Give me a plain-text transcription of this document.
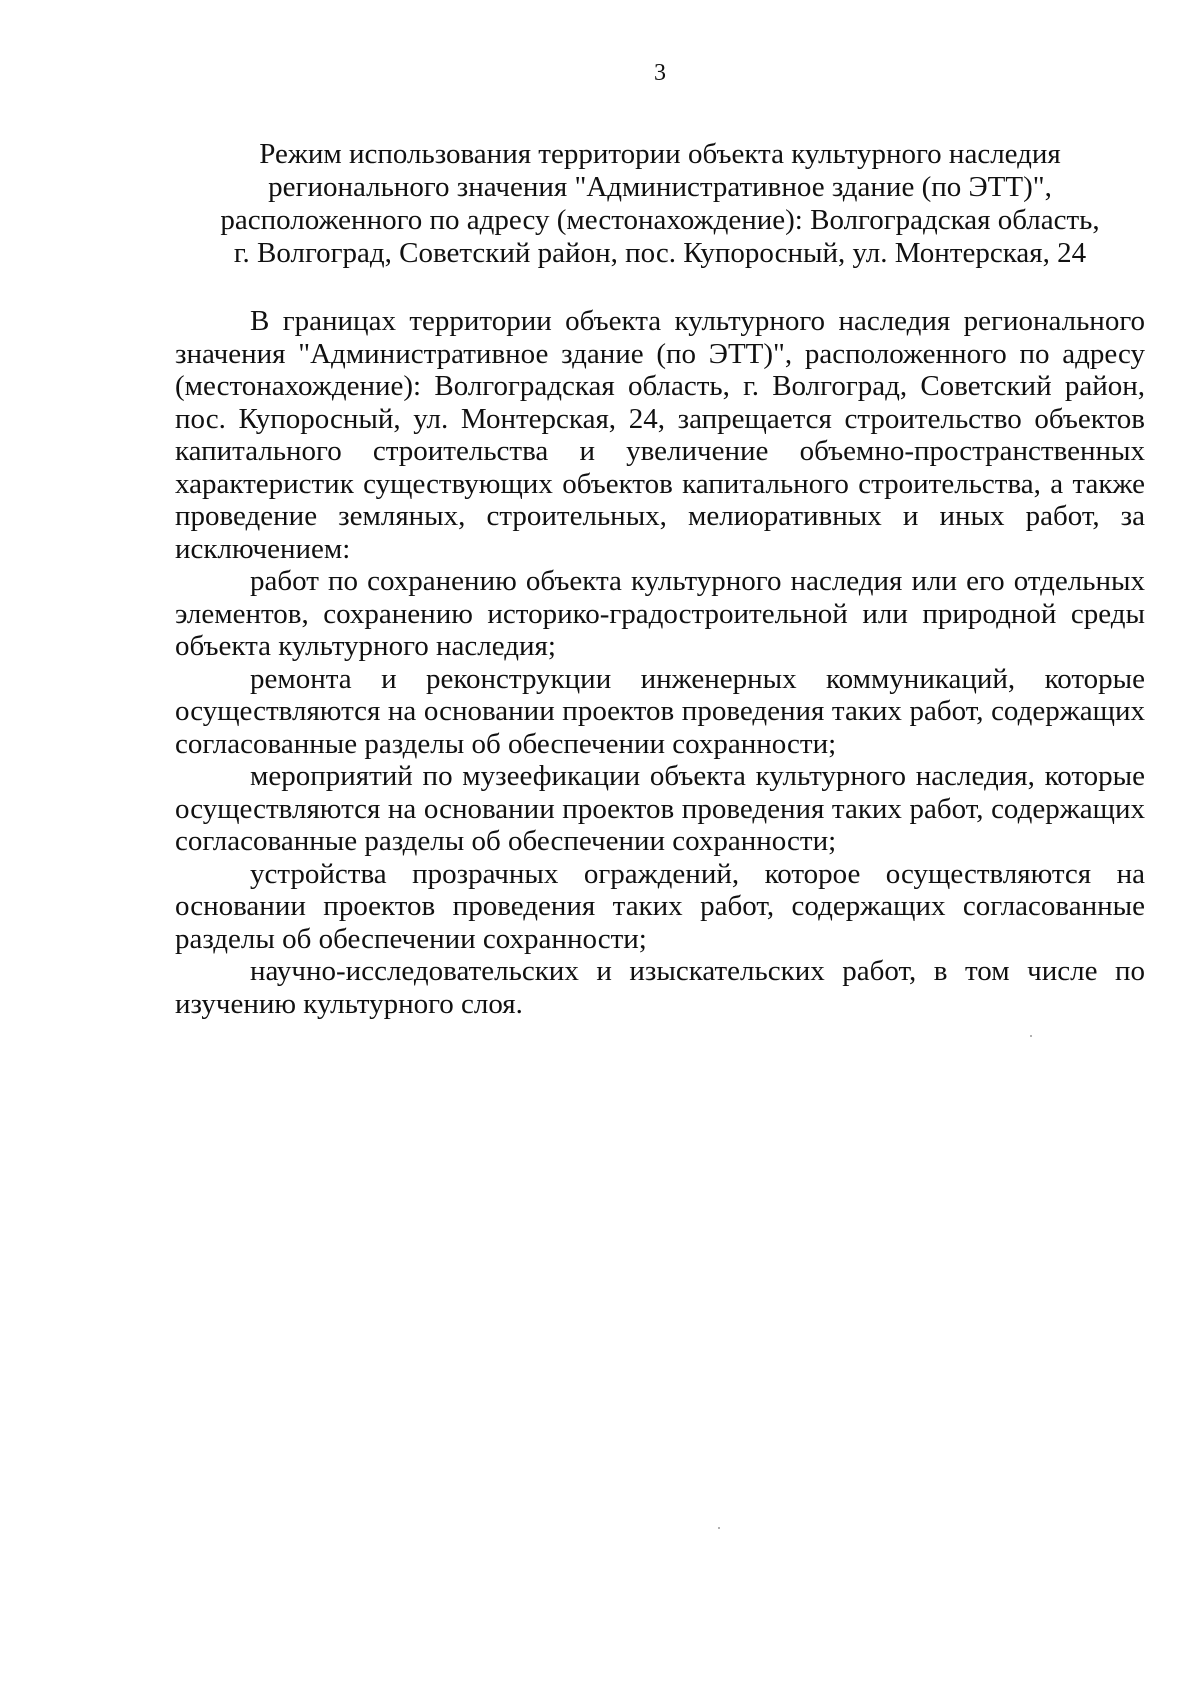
3
Режим использования территории объекта культурного наследия
регионального значения "Административное здание (по ЭТТ)",
расположенного по адресу (местонахождение): Волгоградская область,
г. Волгоград, Советский район, пос. Купоросный, ул. Монтерская, 24

В границах территории объекта культурного наследия регионального значения "Административное здание (по ЭТТ)", расположенного по адресу (местонахождение): Волгоградская область, г. Волгоград, Советский район, пос. Купоросный, ул. Монтерская, 24, запрещается строительство объектов капитального строительства и увеличение объемно-пространственных характеристик существующих объектов капитального строительства, а также проведение земляных, строительных, мелиоративных и иных работ, за исключением:

работ по сохранению объекта культурного наследия или его отдельных элементов, сохранению историко-градостроительной или природной среды объекта культурного наследия;

ремонта и реконструкции инженерных коммуникаций, которые осуществляются на основании проектов проведения таких работ, содержащих согласованные разделы об обеспечении сохранности;

мероприятий по музеефикации объекта культурного наследия, которые осуществляются на основании проектов проведения таких работ, содержащих согласованные разделы об обеспечении сохранности;

устройства прозрачных ограждений, которое осуществляются на основании проектов проведения таких работ, содержащих согласованные разделы об обеспечении сохранности;

научно-исследовательских и изыскательских работ, в том числе по изучению культурного слоя.
